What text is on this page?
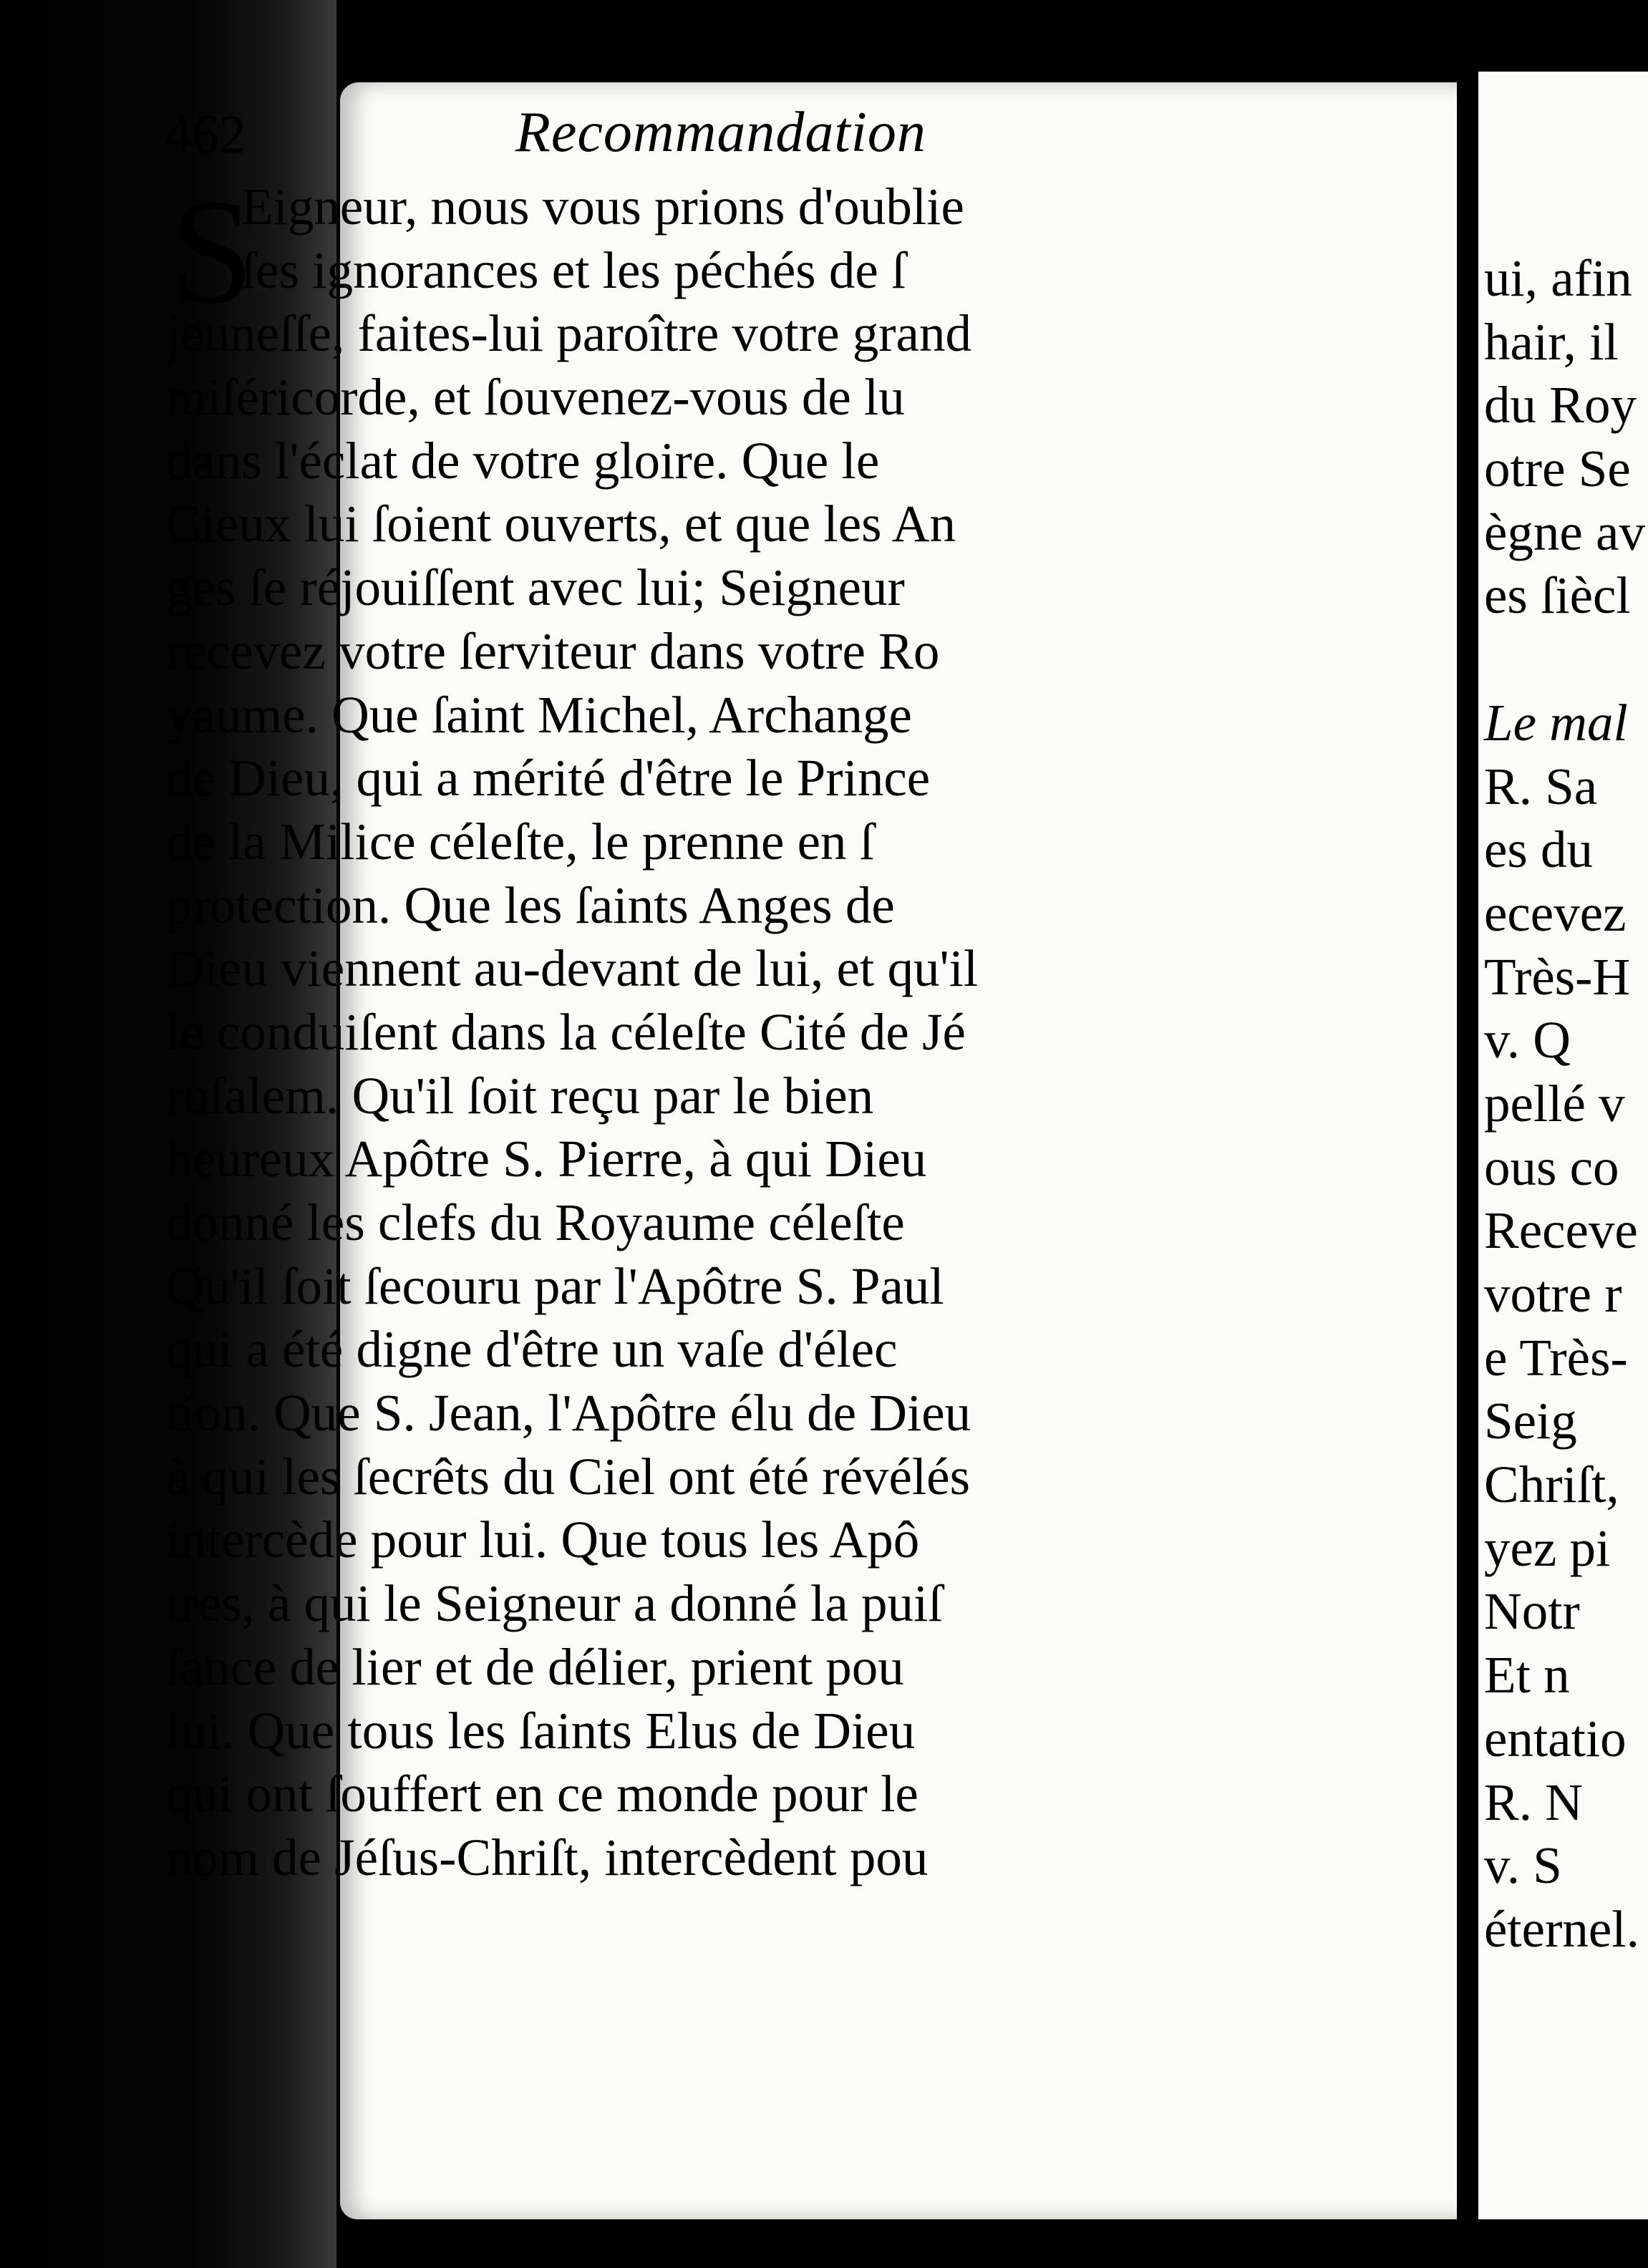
ui, afin
hair, il
du Roy
otre Se
ègne av
es ſiècl
Le mal
R. Sa
es du
ecevez
Très-H
v. Q
pellé v
ous co
Receve
votre r
e Très-
Seig
Chriſt,
yez pi
Notr
Et n
entatio
R. N
v. S
éternel.
462	Recommandation
S
Eigneur, nous vous prions d'oublie
ſes ignorances et les péchés de ſ
jeuneſſe, faites-lui paroître votre grand
miſéricorde, et ſouvenez-vous de lu
dans l'éclat de votre gloire. Que le
Cieux lui ſoient ouverts, et que les An
ges ſe réjouiſſent avec lui; Seigneur
recevez votre ſerviteur dans votre Ro
yaume. Que ſaint Michel, Archange
de Dieu, qui a mérité d'être le Prince
de la Milice céleſte, le prenne en ſ
protection. Que les ſaints Anges de
Dieu viennent au-devant de lui, et qu'il
le conduiſent dans la céleſte Cité de Jé
ruſalem. Qu'il ſoit reçu par le bien
heureux Apôtre S. Pierre, à qui Dieu
donné les clefs du Royaume céleſte
Qu'il ſoit ſecouru par l'Apôtre S. Paul
qui a été digne d'être un vaſe d'élec
tion. Que S. Jean, l'Apôtre élu de Dieu
à qui les ſecrêts du Ciel ont été révélés
intercède pour lui. Que tous les Apô
tres, à qui le Seigneur a donné la puiſ
ſance de lier et de délier, prient pou
lui. Que tous les ſaints Elus de Dieu
qui ont ſouffert en ce monde pour le
nom de Jéſus-Chriſt, intercèdent pou
